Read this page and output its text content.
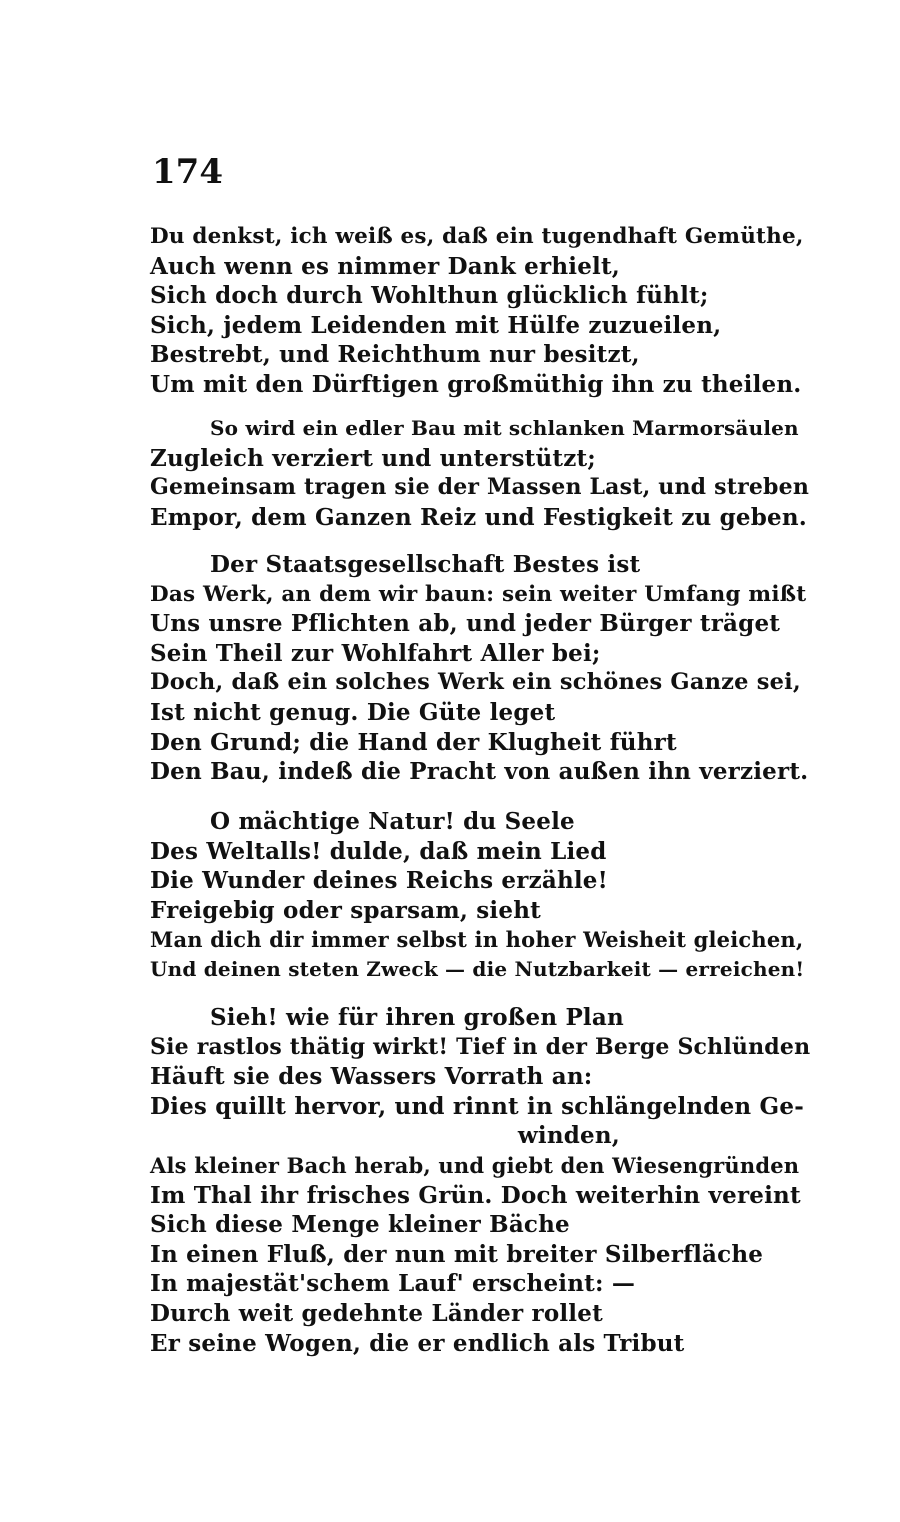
174
Du denkst, ich weiß es, daß ein tugendhaft Gemüthe,
Auch wenn es nimmer Dank erhielt,
Sich doch durch Wohlthun glücklich fühlt;
Sich, jedem Leidenden mit Hülfe zuzueilen,
Bestrebt, und Reichthum nur besitzt,
Um mit den Dürftigen großmüthig ihn zu theilen.
So wird ein edler Bau mit schlanken Marmorsäulen
Zugleich verziert und unterstützt;
Gemeinsam tragen sie der Massen Last, und streben
Empor, dem Ganzen Reiz und Festigkeit zu geben.
Der Staatsgesellschaft Bestes ist
Das Werk, an dem wir baun: sein weiter Umfang mißt
Uns unsre Pflichten ab, und jeder Bürger träget
Sein Theil zur Wohlfahrt Aller bei;
Doch, daß ein solches Werk ein schönes Ganze sei,
Ist nicht genug. Die Güte leget
Den Grund; die Hand der Klugheit führt
Den Bau, indeß die Pracht von außen ihn verziert.
O mächtige Natur! du Seele
Des Weltalls! dulde, daß mein Lied
Die Wunder deines Reichs erzähle!
Freigebig oder sparsam, sieht
Man dich dir immer selbst in hoher Weisheit gleichen,
Und deinen steten Zweck — die Nutzbarkeit — erreichen!
Sieh! wie für ihren großen Plan
Sie rastlos thätig wirkt! Tief in der Berge Schlünden
Häuft sie des Wassers Vorrath an:
Dies quillt hervor, und rinnt in schlängelnden Ge-
winden,
Als kleiner Bach herab, und giebt den Wiesengründen
Im Thal ihr frisches Grün. Doch weiterhin vereint
Sich diese Menge kleiner Bäche
In einen Fluß, der nun mit breiter Silberfläche
In majestät'schem Lauf' erscheint: —
Durch weit gedehnte Länder rollet
Er seine Wogen, die er endlich als Tribut
